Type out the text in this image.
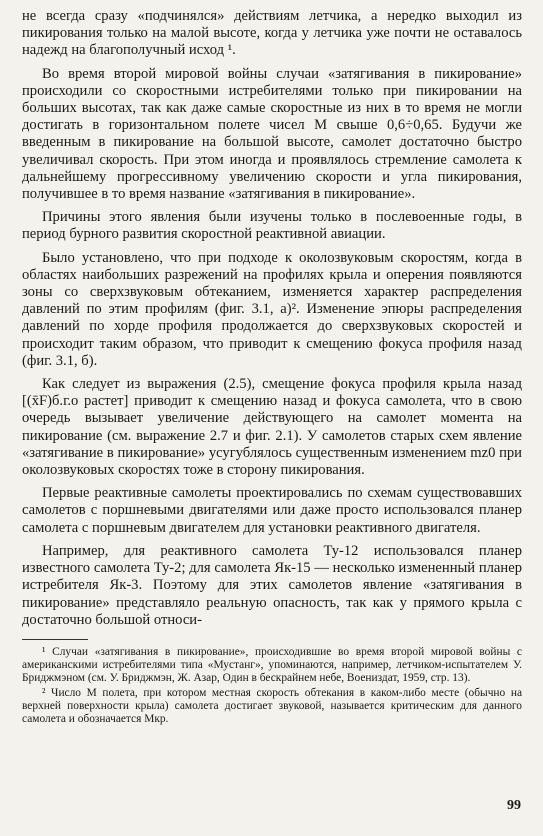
не всегда сразу «подчинялся» действиям летчика, а нередко выходил из пикирования только на малой высоте, когда у летчика уже почти не оставалось надежд на благополучный исход ¹.

Во время второй мировой войны случаи «затягивания в пикирование» происходили со скоростными истребителями только при пикировании на больших высотах, так как даже самые скоростные из них в то время не могли достигать в горизонтальном полете чисел М свыше 0,6÷0,65. Будучи же введенным в пикирование на большой высоте, самолет достаточно быстро увеличивал скорость. При этом иногда и проявлялось стремление самолета к дальнейшему прогрессивному увеличению скорости и угла пикирования, получившее в то время название «затягивания в пикирование».

Причины этого явления были изучены только в послевоенные годы, в период бурного развития скоростной реактивной авиации.

Было установлено, что при подходе к околозвуковым скоростям, когда в областях наибольших разрежений на профилях крыла и оперения появляются зоны со сверхзвуковым обтеканием, изменяется характер распределения давлений по этим профилям (фиг. 3.1, а)². Изменение эпюры распределения давлений по хорде профиля продолжается до сверхзвуковых скоростей и происходит таким образом, что приводит к смещению фокуса профиля назад (фиг. 3.1, б).

Как следует из выражения (2.5), смещение фокуса профиля крыла назад [(x̄F)б.г.о растет] приводит к смещению назад и фокуса самолета, что в свою очередь вызывает увеличение действующего на самолет момента на пикирование (см. выражение 2.7 и фиг. 2.1). У самолетов старых схем явление «затягивание в пикирование» усугублялось существенным изменением mz0 при околозвуковых скоростях тоже в сторону пикирования.

Первые реактивные самолеты проектировались по схемам существовавших самолетов с поршневыми двигателями или даже просто использовался планер самолета с поршневым двигателем для установки реактивного двигателя.

Например, для реактивного самолета Ту-12 использовался планер известного самолета Ту-2; для самолета Як-15 — несколько измененный планер истребителя Як-3. Поэтому для этих самолетов явление «затягивания в пикирование» представляло реальную опасность, так как у прямого крыла с достаточно большой относи-

¹ Случаи «затягивания в пикирование», происходившие во время второй мировой войны с американскими истребителями типа «Мустанг», упоминаются, например, летчиком-испытателем У. Бриджмэном (см. У. Бриджмэн, Ж. Азар, Один в бескрайнем небе, Воениздат, 1959, стр. 13).

² Число М полета, при котором местная скорость обтекания в каком-либо месте (обычно на верхней поверхности крыла) самолета достигает звуковой, называется критическим для данного самолета и обозначается Мкр.

99
